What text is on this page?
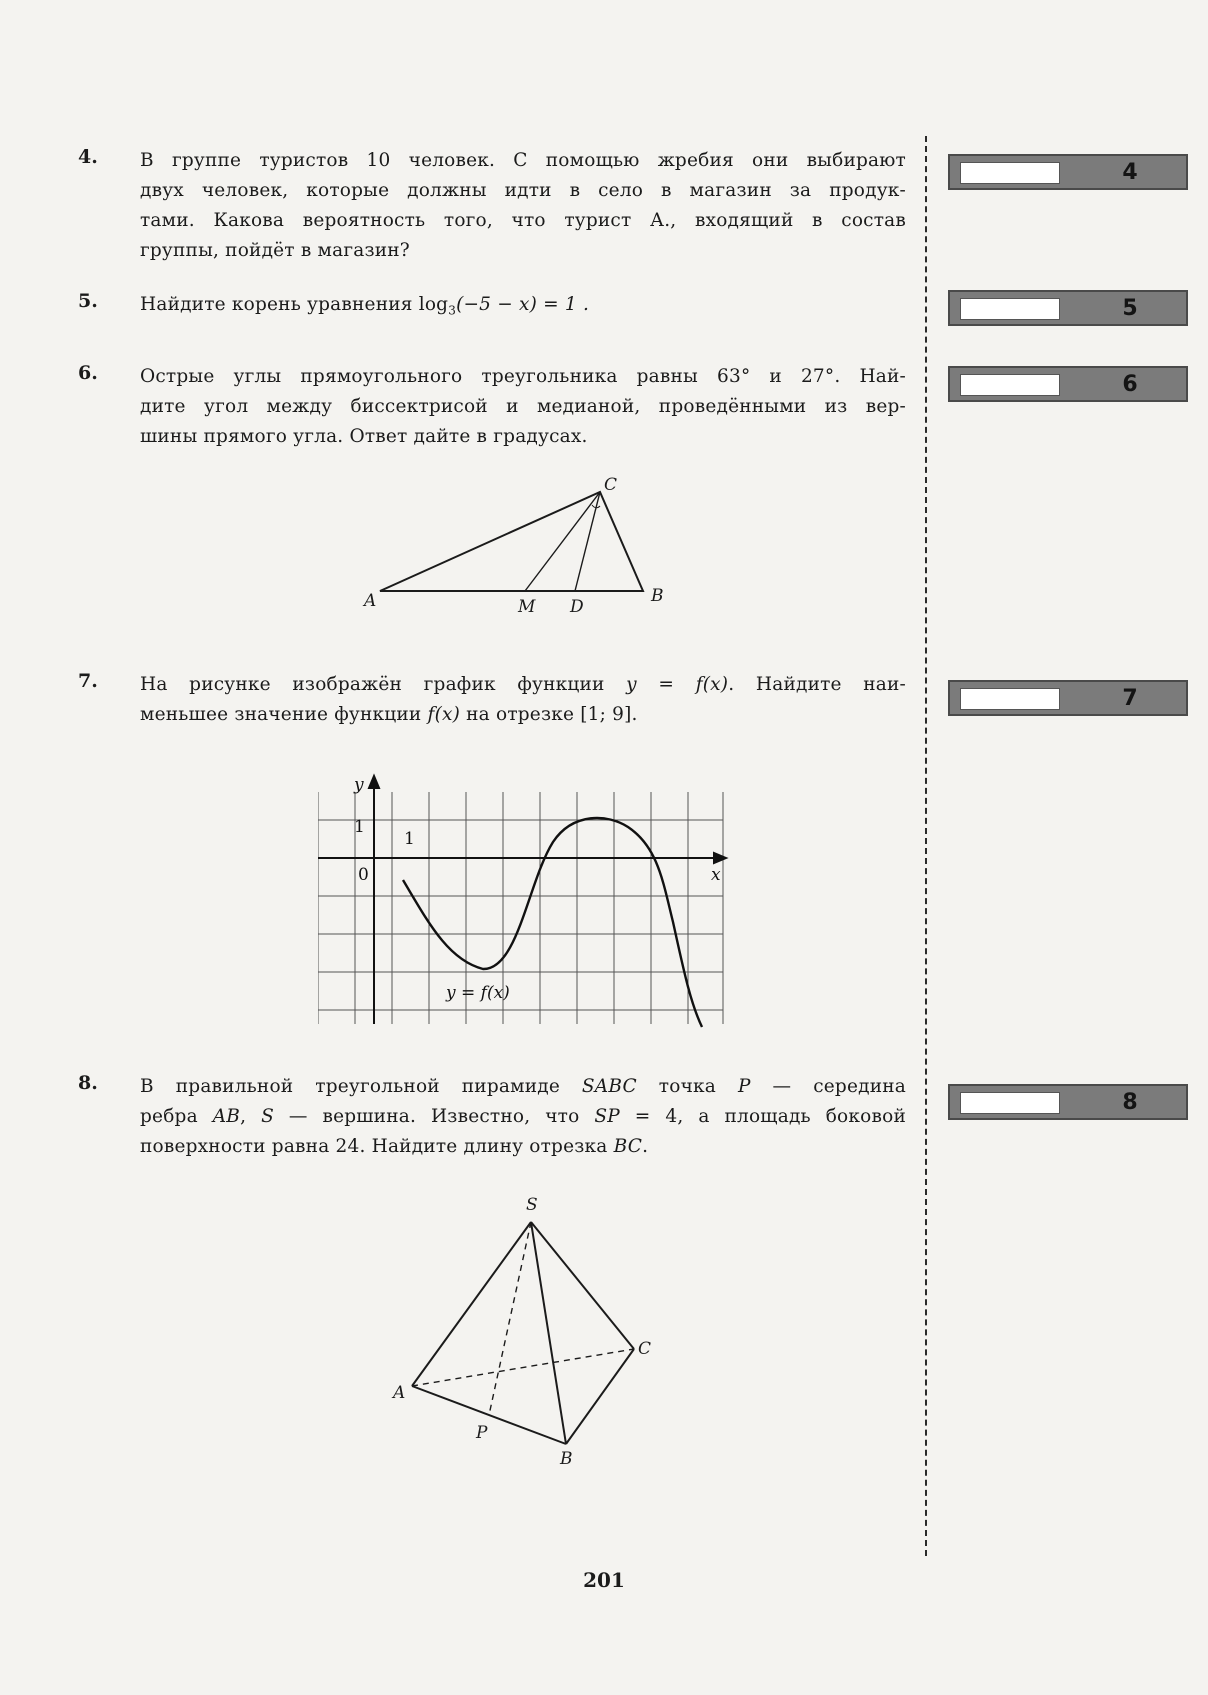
4. В группе туристов 10 человек. С помощью жребия они выбирают
двух человек, которые должны идти в село в магазин за продук-
тами. Какова вероятность того, что турист А., входящий в состав
группы, пойдёт в магазин?
5. Найдите корень уравнения $\log_3(-5 - x) = 1$ .
6. Острые углы прямоугольного треугольника равны 63° и 27°. Най-
дите угол между биссектрисой и медианой, проведёнными из вер-
шины прямого угла. Ответ дайте в градусах.
A	B
C
M D
7. На рисунке изображён график функции y = f(x). Найдите наи-
меньшее значение функции f(x) на отрезке [1; 9].
y
1
1
0	x
y = f(x)
8. В правильной треугольной пирамиде SABC точка P — середина
ребра AB, S — вершина. Известно, что SP = 4, а площадь боковой
поверхности равна 24. Найдите длину отрезка BC.
S
A
B
C
P
4
5
6
7
8
201
